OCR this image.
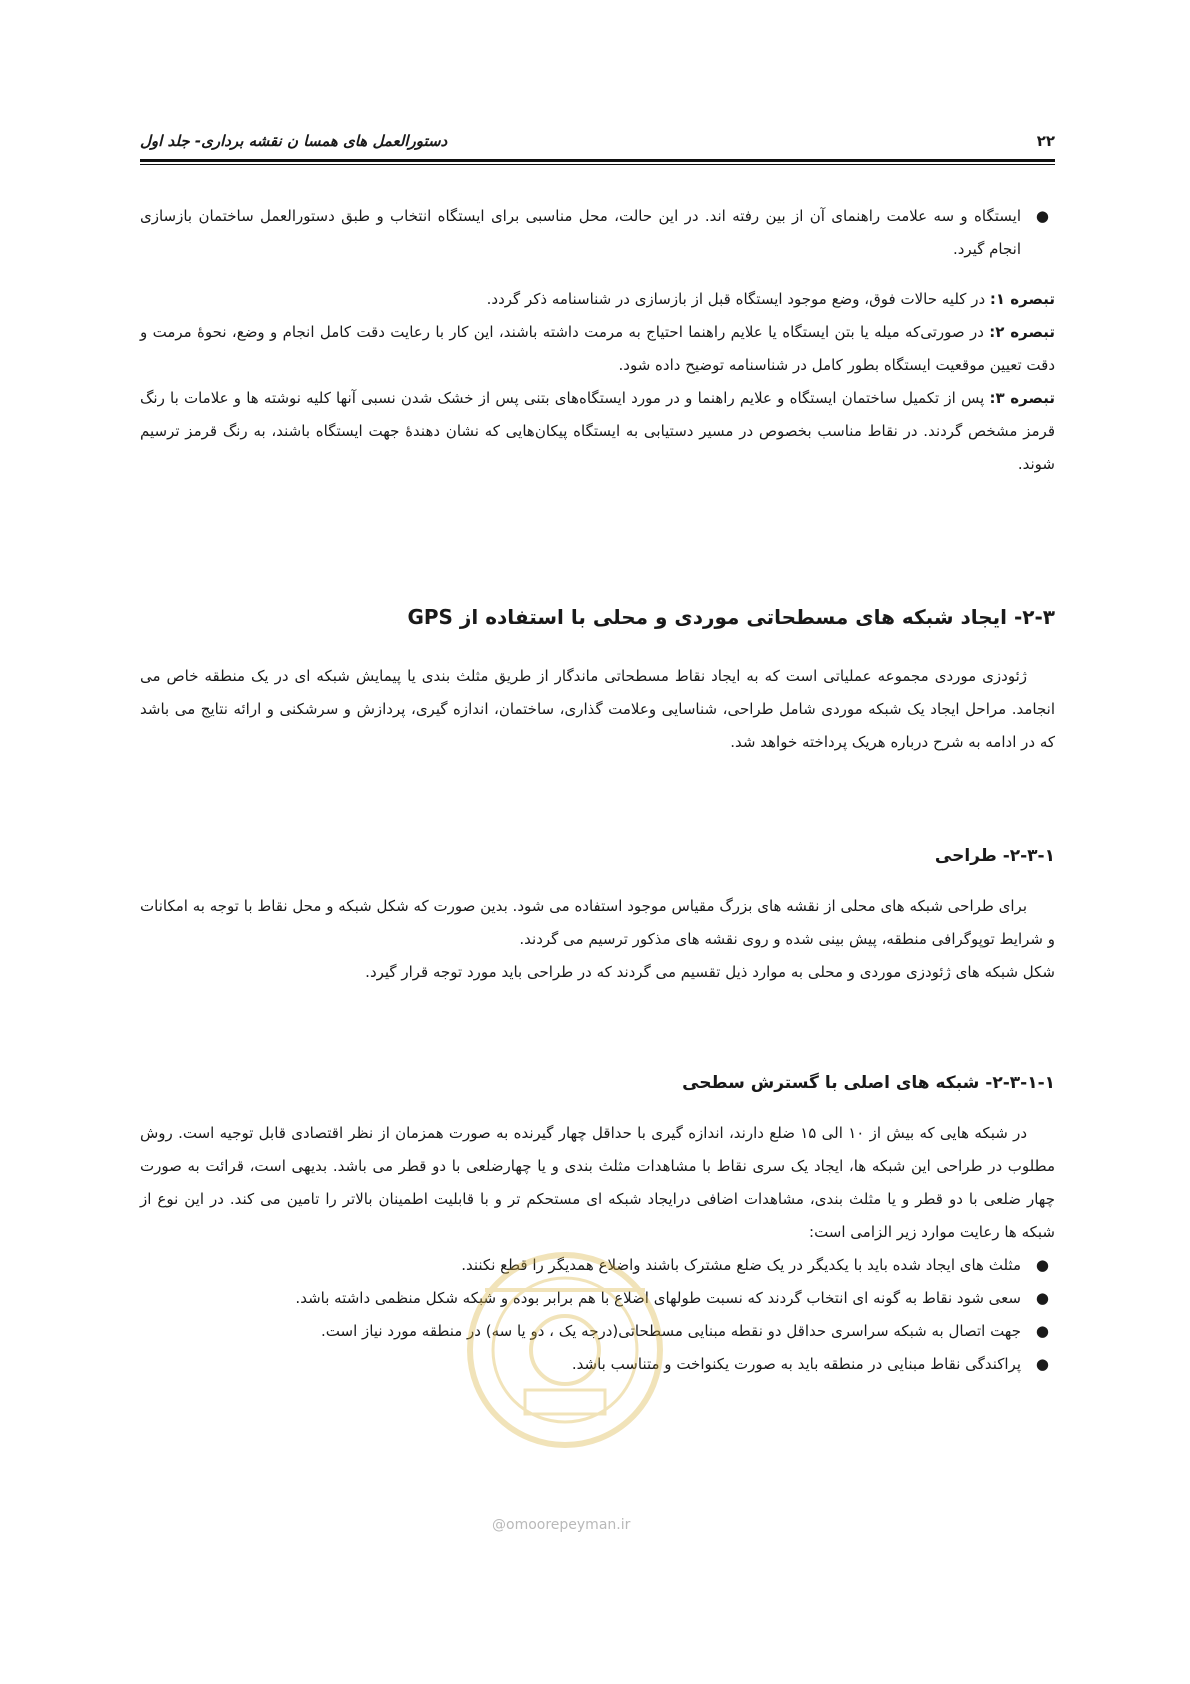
۲۲
دستورالعمل های همسا ن نقشه برداری- جلد اول

●
ایستگاه و سه علامت راهنمای آن از بین رفته اند. در این حالت، محل مناسبی برای ایستگاه انتخاب و طبق دستورالعمل ساختمان بازسازی انجام گیرد.

تبصره ۱: در کلیه حالات فوق، وضع موجود ایستگاه قبل از بازسازی در شناسنامه ذکر گردد.

تبصره ۲: در صورتی‌که میله یا بتن ایستگاه یا علایم راهنما احتیاج به مرمت داشته باشند، این کار با رعایت دقت کامل انجام و وضع، نحوهٔ مرمت و دقت تعیین موقعیت ایستگاه بطور کامل در شناسنامه توضیح داده شود.

تبصره ۳: پس از تکمیل ساختمان ایستگاه و علایم راهنما و در مورد ایستگاه‌های بتنی پس از خشک شدن نسبی آنها کلیه نوشته ها و علامات با رنگ قرمز مشخص گردند. در نقاط مناسب بخصوص در مسیر دستیابی به ایستگاه پیکان‌هایی که نشان دهندهٔ جهت ایستگاه باشند، به رنگ قرمز ترسیم شوند.

۲-۳- ایجاد شبکه های مسطحاتی موردی و محلی با استفاده از GPS

ژئودزی موردی مجموعه عملیاتی است که به ایجاد نقاط مسطحاتی ماندگار از طریق مثلث بندی یا پیمایش شبکه ای در یک منطقه خاص می انجامد. مراحل ایجاد یک شبکه موردی شامل طراحی، شناسایی وعلامت گذاری، ساختمان، اندازه گیری، پردازش و سرشکنی و ارائه نتایج می باشد که در ادامه به شرح درباره هریک پرداخته خواهد شد.

۲-۳-۱- طراحی

برای طراحی شبکه های محلی از نقشه های بزرگ مقیاس موجود استفاده می شود. بدین صورت که شکل شبکه و محل نقاط با توجه به امکانات و شرایط توپوگرافی منطقه، پیش بینی شده و روی نقشه های مذکور ترسیم می گردند.

شکل شبکه های ژئودزی موردی و محلی به موارد ذیل تقسیم می گردند که در طراحی باید مورد توجه قرار گیرد.

۲-۳-۱-۱- شبکه های اصلی با گسترش سطحی

در شبکه هایی که بیش از ۱۰ الی ۱۵ ضلع دارند، اندازه گیری با حداقل چهار گیرنده به صورت همزمان از نظر اقتصادی قابل توجیه است. روش مطلوب در طراحی این شبکه ها، ایجاد یک سری نقاط با مشاهدات مثلث بندی و یا چهارضلعی با دو قطر می باشد. بدیهی است، قرائت به صورت چهار ضلعی با دو قطر و یا مثلث بندی، مشاهدات اضافی درایجاد شبکه ای مستحکم تر و با قابلیت اطمینان بالاتر را تامین می کند. در این نوع از شبکه ها رعایت موارد زیر الزامی است:

●
مثلث های ایجاد شده باید با یکدیگر در یک ضلع مشترک باشند واضلاع همدیگر را قطع نکنند.

●
سعی شود نقاط به گونه ای انتخاب گردند که نسبت طولهای اضلاع با هم برابر بوده و شبکه شکل منظمی داشته باشد.

●
جهت اتصال به شبکه سراسری حداقل دو نقطه مبنایی مسطحاتی(درجه یک ، دو یا سه) در منطقه مورد نیاز است.

●
پراکندگی نقاط مبنایی در منطقه باید به صورت یکنواخت و متناسب باشد.

@omoorepeyman.ir
